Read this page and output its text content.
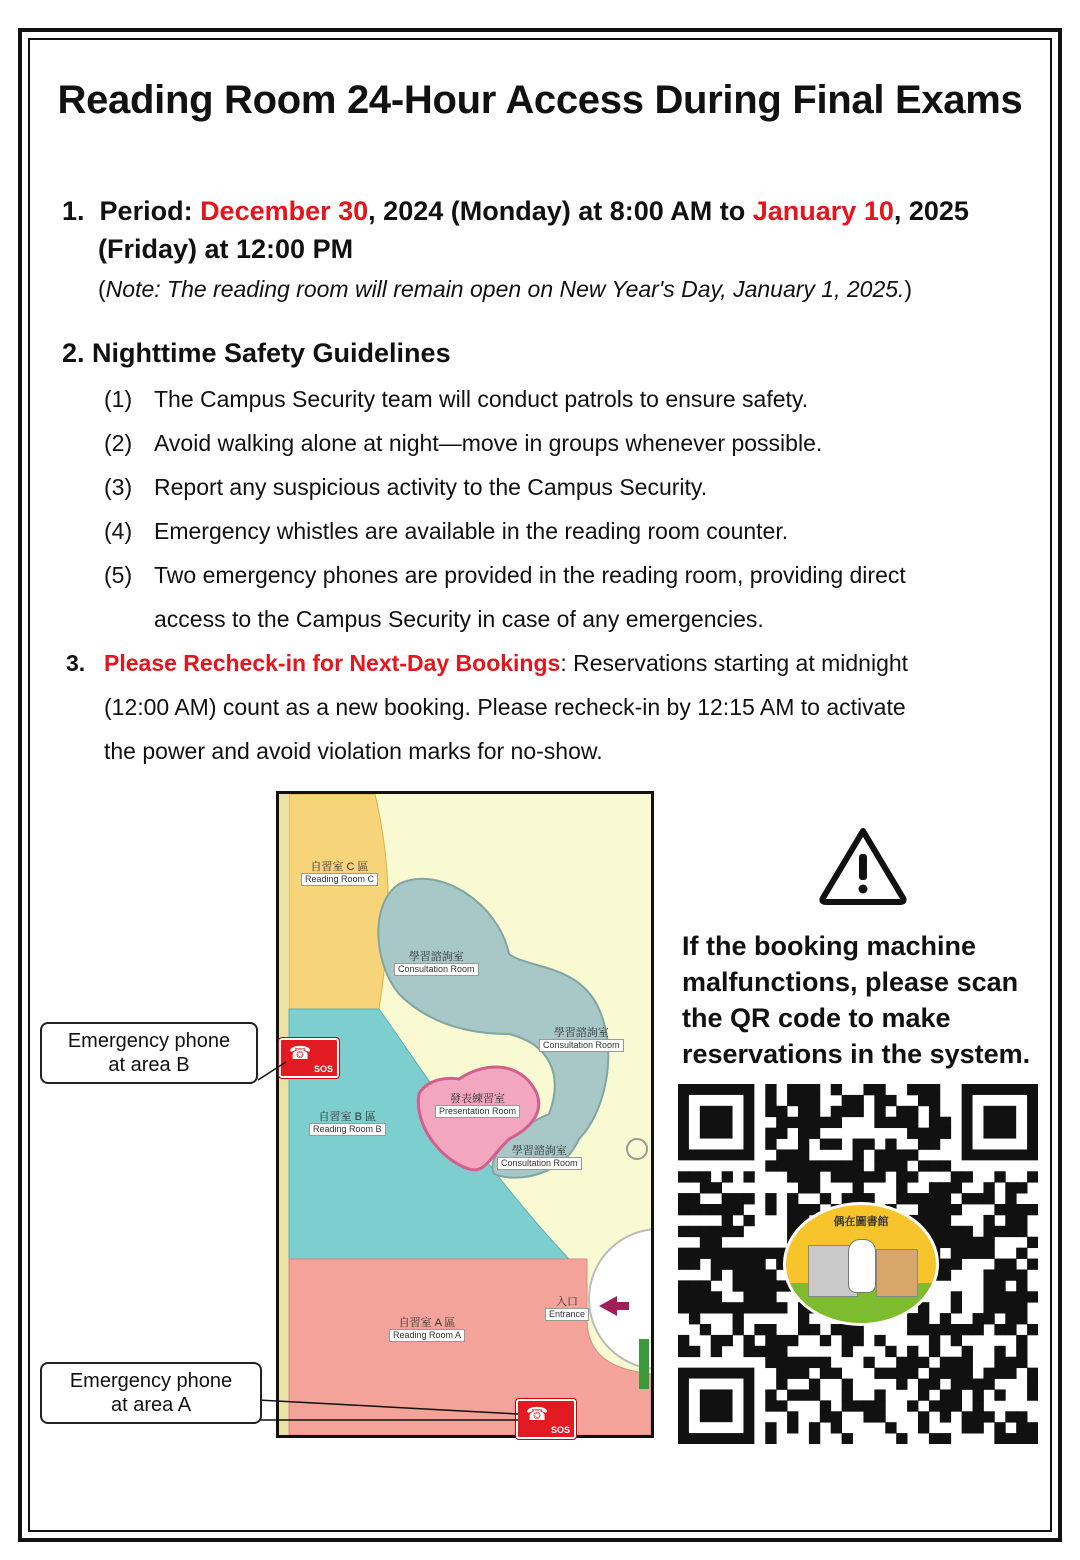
Reading Room 24-Hour Access During Final Exams
1. Period: December 30, 2024 (Monday) at 8:00 AM to January 10, 2025
(Friday) at 12:00 PM
(Note: The reading room will remain open on New Year's Day, January 1, 2025.)
2. Nighttime Safety Guidelines
(1) The Campus Security team will conduct patrols to ensure safety.
(2) Avoid walking alone at night—move in groups whenever possible.
(3) Report any suspicious activity to the Campus Security.
(4) Emergency whistles are available in the reading room counter.
(5) Two emergency phones are provided in the reading room, providing direct
access to the Campus Security in case of any emergencies.
3. Please Recheck-in for Next-Day Bookings: Reservations starting at midnight
(12:00 AM) count as a new booking. Please recheck-in by 12:15 AM to activate
the power and avoid violation marks for no-show.
自習室 C 區
Reading Room C
自習室 B 區
Reading Room B
自習室 A 區
Reading Room A
學習諮詢室
Consultation Room
學習諮詢室
Consultation Room
學習諮詢室
Consultation Room
發表練習室
Presentation Room
入口
Entrance
☎
SOS
☎
SOS
Emergency phone
at area B
Emergency phone
at area A
If the booking machine
malfunctions, please scan
the QR code to make
reservations in the system.
偶在圖書館
